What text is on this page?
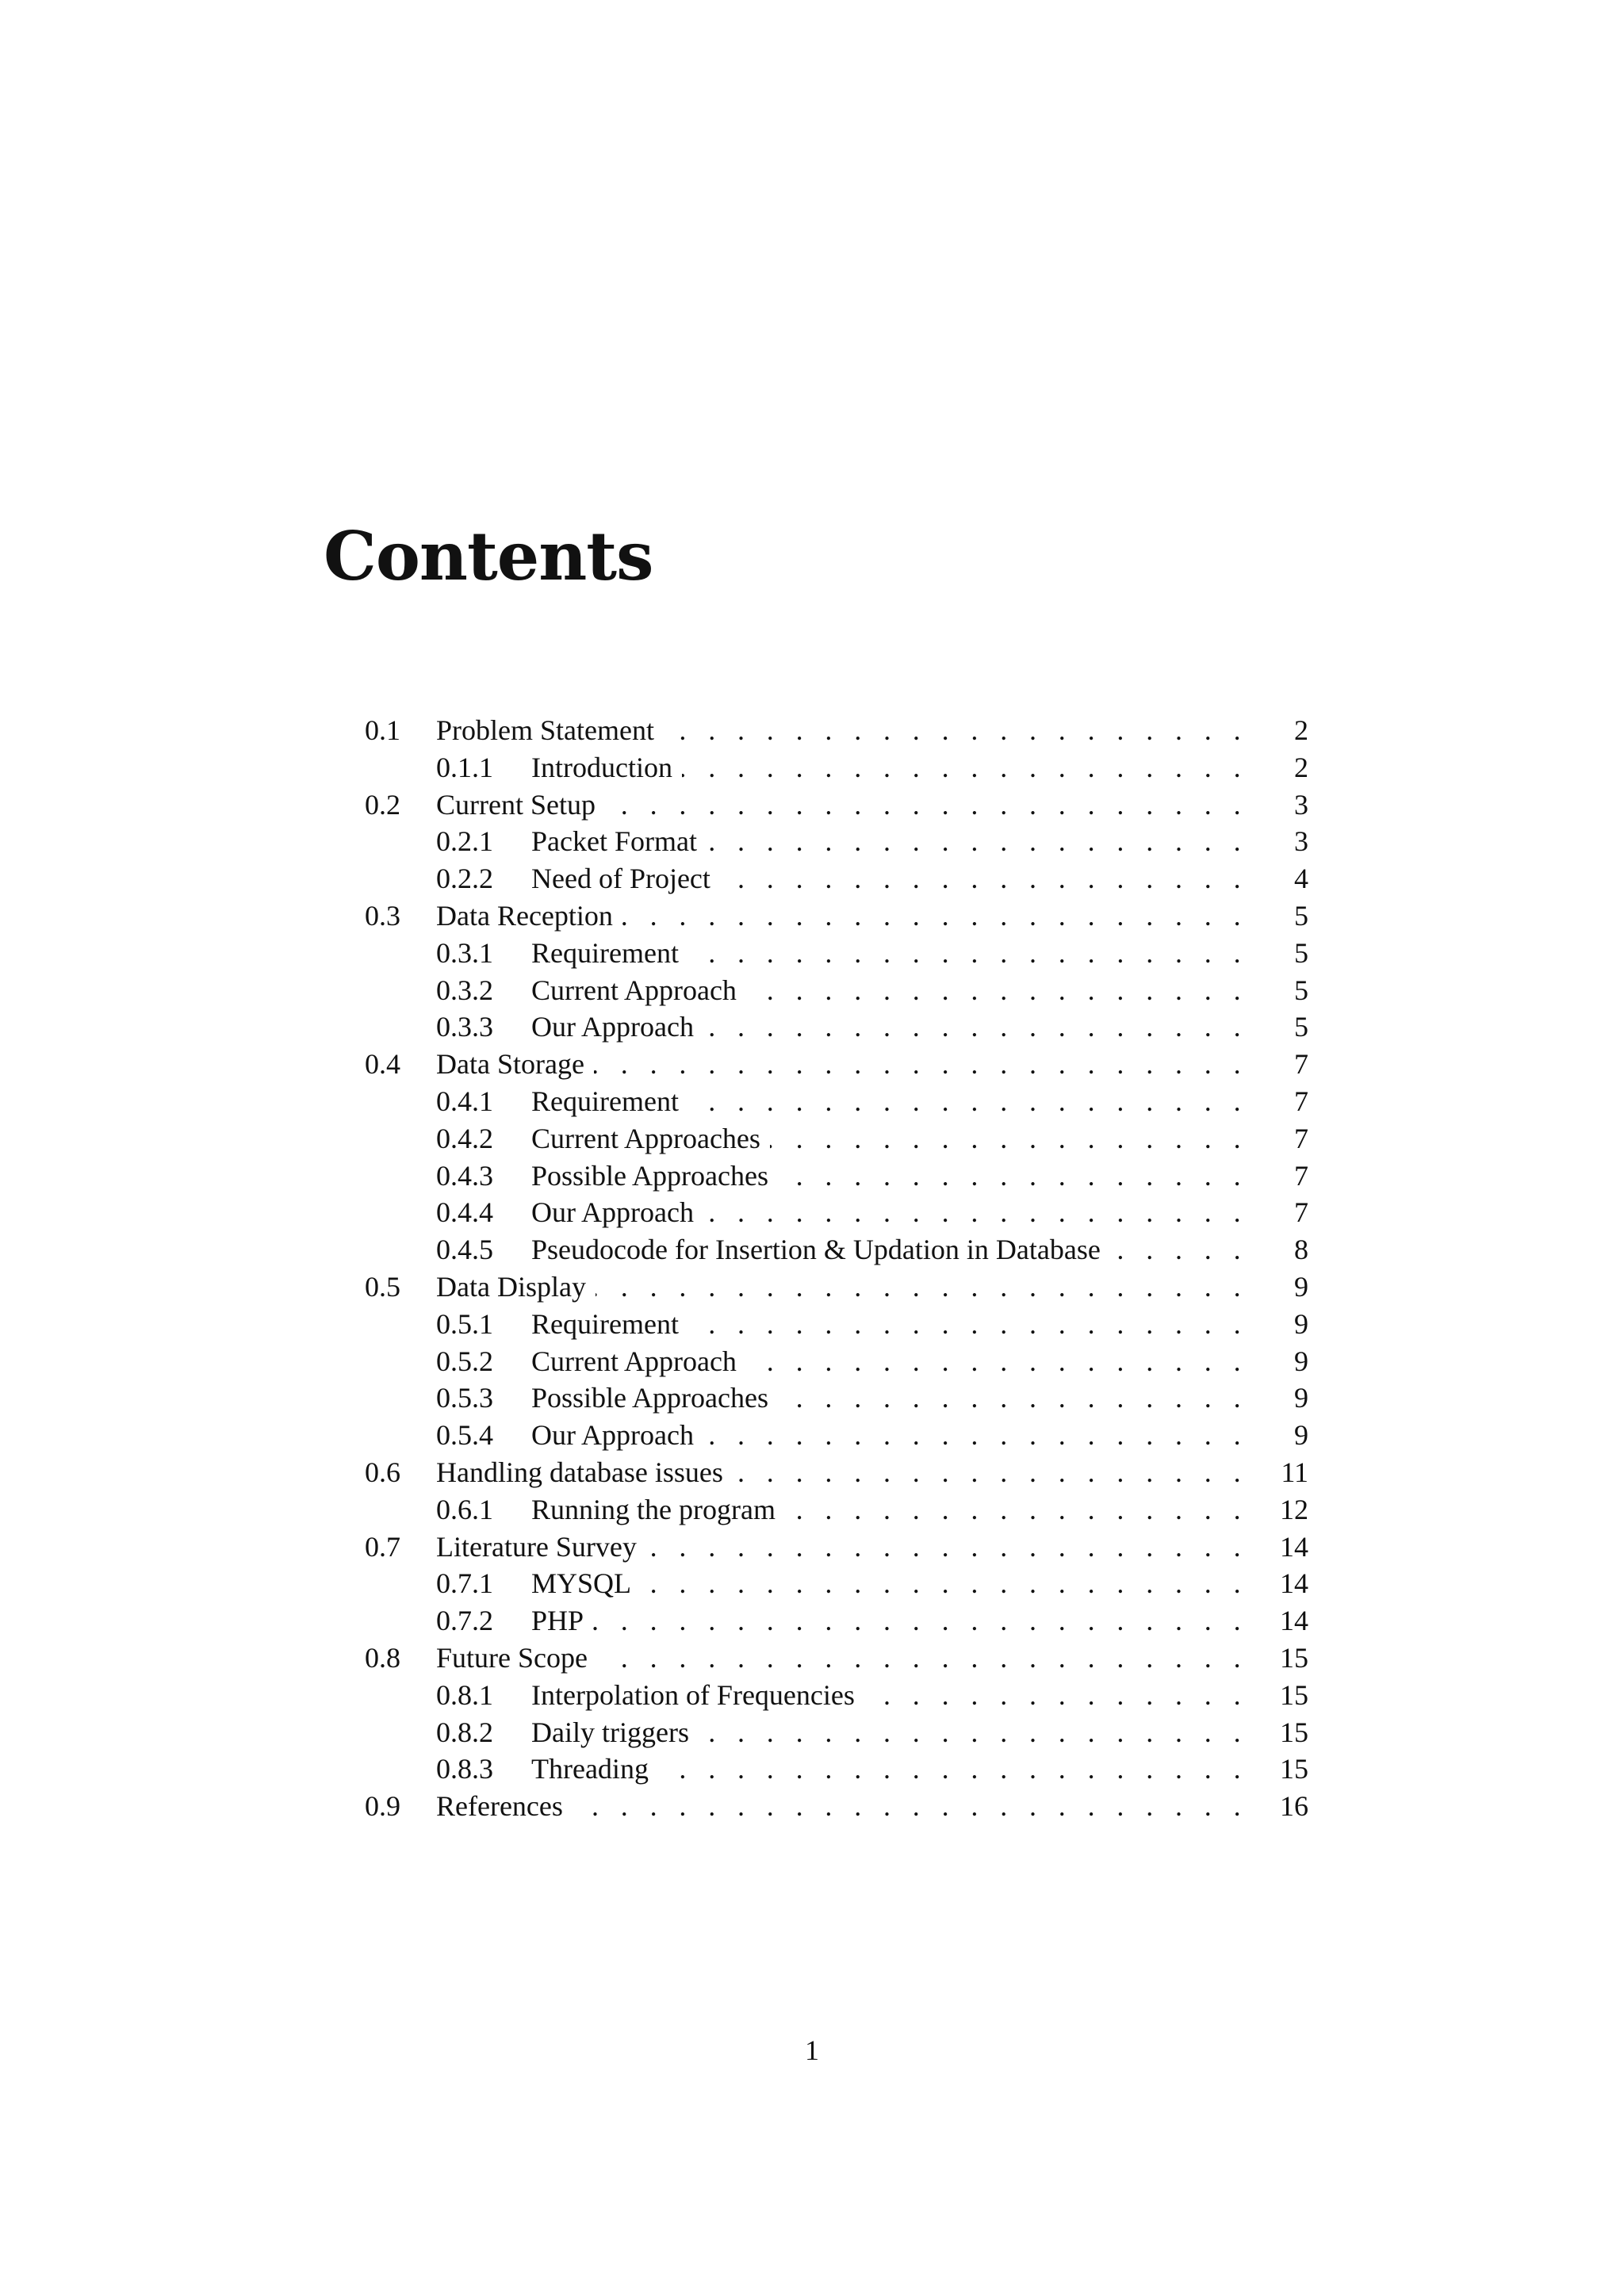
Contents
0.1 Problem Statement . . .	2
0.1.1 Introduction . . .	2
0.2 Current Setup . . .	3
0.2.1 Packet Format . . .	3
0.2.2 Need of Project . . .	4
0.3 Data Reception . . .	5
0.3.1 Requirement . . .	5
0.3.2 Current Approach . . .	5
0.3.3 Our Approach . . .	5
0.4 Data Storage . . .	7
0.4.1 Requirement . . .	7
0.4.2 Current Approaches . . .	7
0.4.3 Possible Approaches . . .	7
0.4.4 Our Approach . . .	7
0.4.5 Pseudocode for Insertion & Updation in Database . . .	8
0.5 Data Display . . .	9
0.5.1 Requirement . . .	9
0.5.2 Current Approach . . .	9
0.5.3 Possible Approaches . . .	9
0.5.4 Our Approach . . .	9
0.6 Handling database issues . . .	11
0.6.1 Running the program . . .	12
0.7 Literature Survey . . .	14
0.7.1 MYSQL . . .	14
0.7.2 PHP . . .	14
0.8 Future Scope . . .	15
0.8.1 Interpolation of Frequencies . . .	15
0.8.2 Daily triggers . . .	15
0.8.3 Threading . . .	15
0.9 References . . .	16
1
